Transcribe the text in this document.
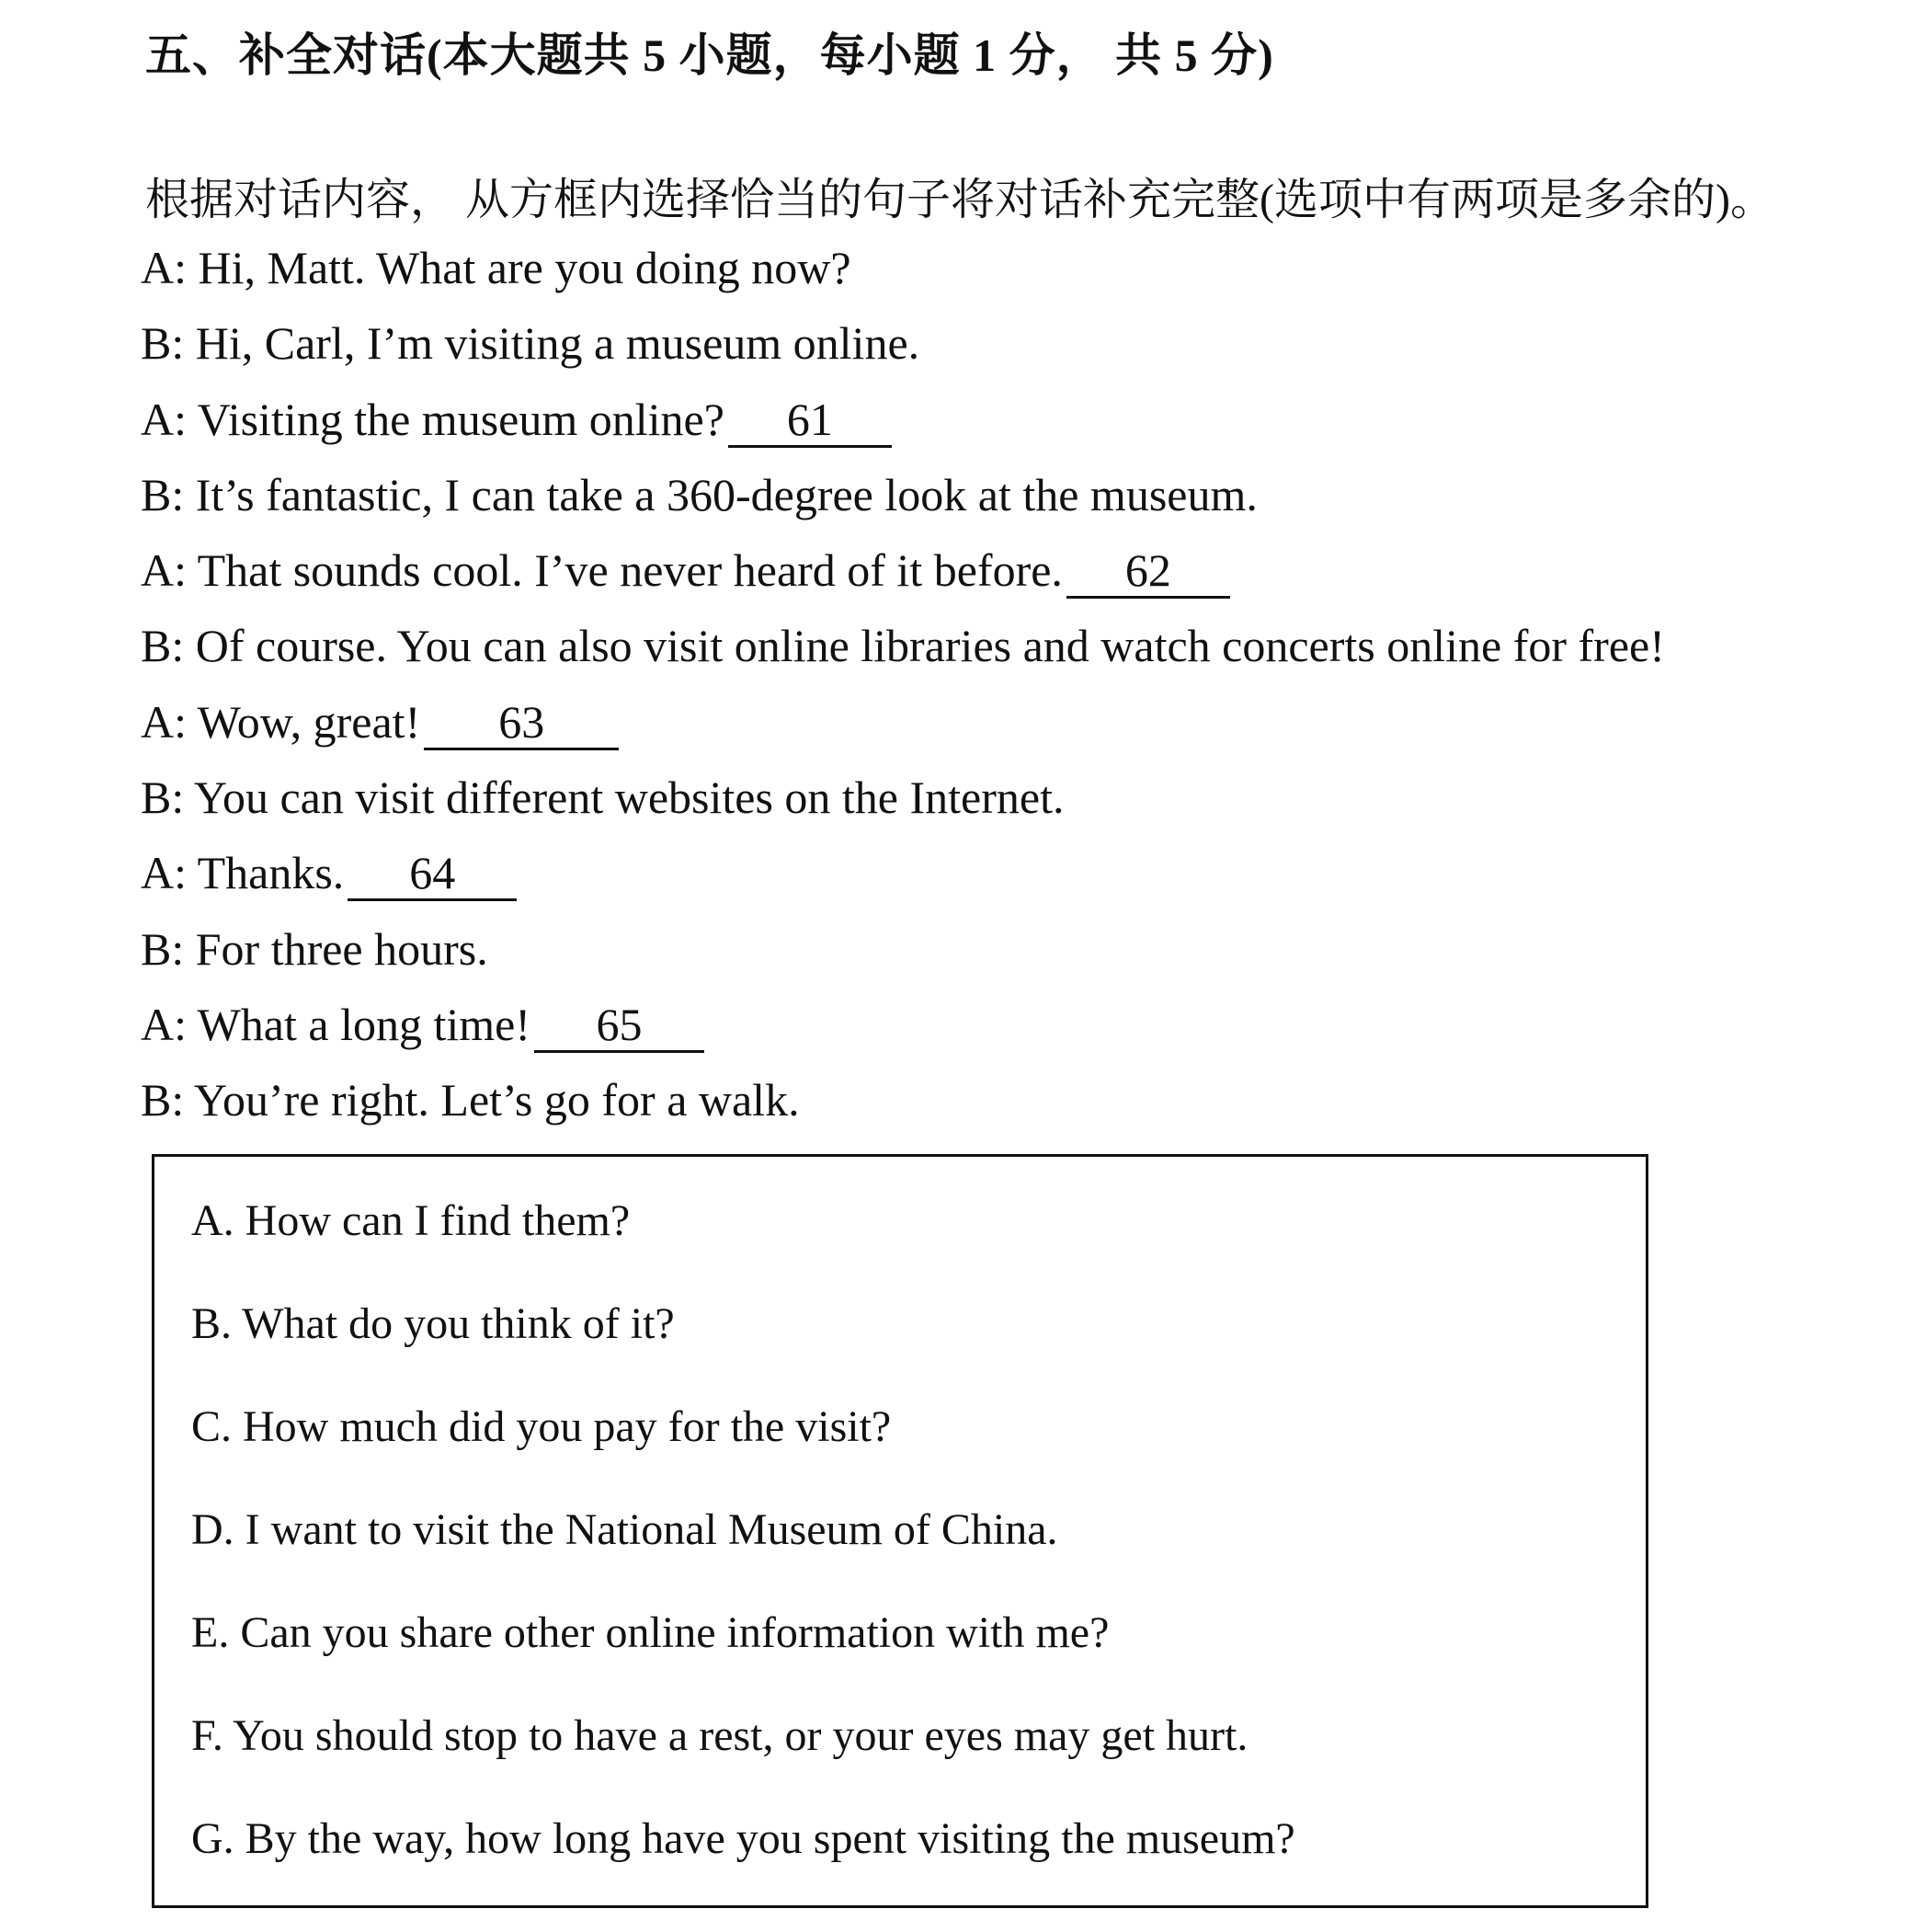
五、补全对话(本大题共 5 小题，每小题 1 分， 共 5 分)
根据对话内容， 从方框内选择恰当的句子将对话补充完整(选项中有两项是多余的)。
A: Hi, Matt. What are you doing now?
B: Hi, Carl, I’m visiting a museum online.
A: Visiting the museum online? 61
B: It’s fantastic, I can take a 360-degree look at the museum.
A: That sounds cool. I’ve never heard of it before. 62
B: Of course. You can also visit online libraries and watch concerts online for free!
A: Wow, great! 63
B: You can visit different websites on the Internet.
A: Thanks. 64
B: For three hours.
A: What a long time! 65
B: You’re right. Let’s go for a walk.
A. How can I find them?
B. What do you think of it?
C. How much did you pay for the visit?
D. I want to visit the National Museum of China.
E. Can you share other online information with me?
F. You should stop to have a rest, or your eyes may get hurt.
G. By the way, how long have you spent visiting the museum?
